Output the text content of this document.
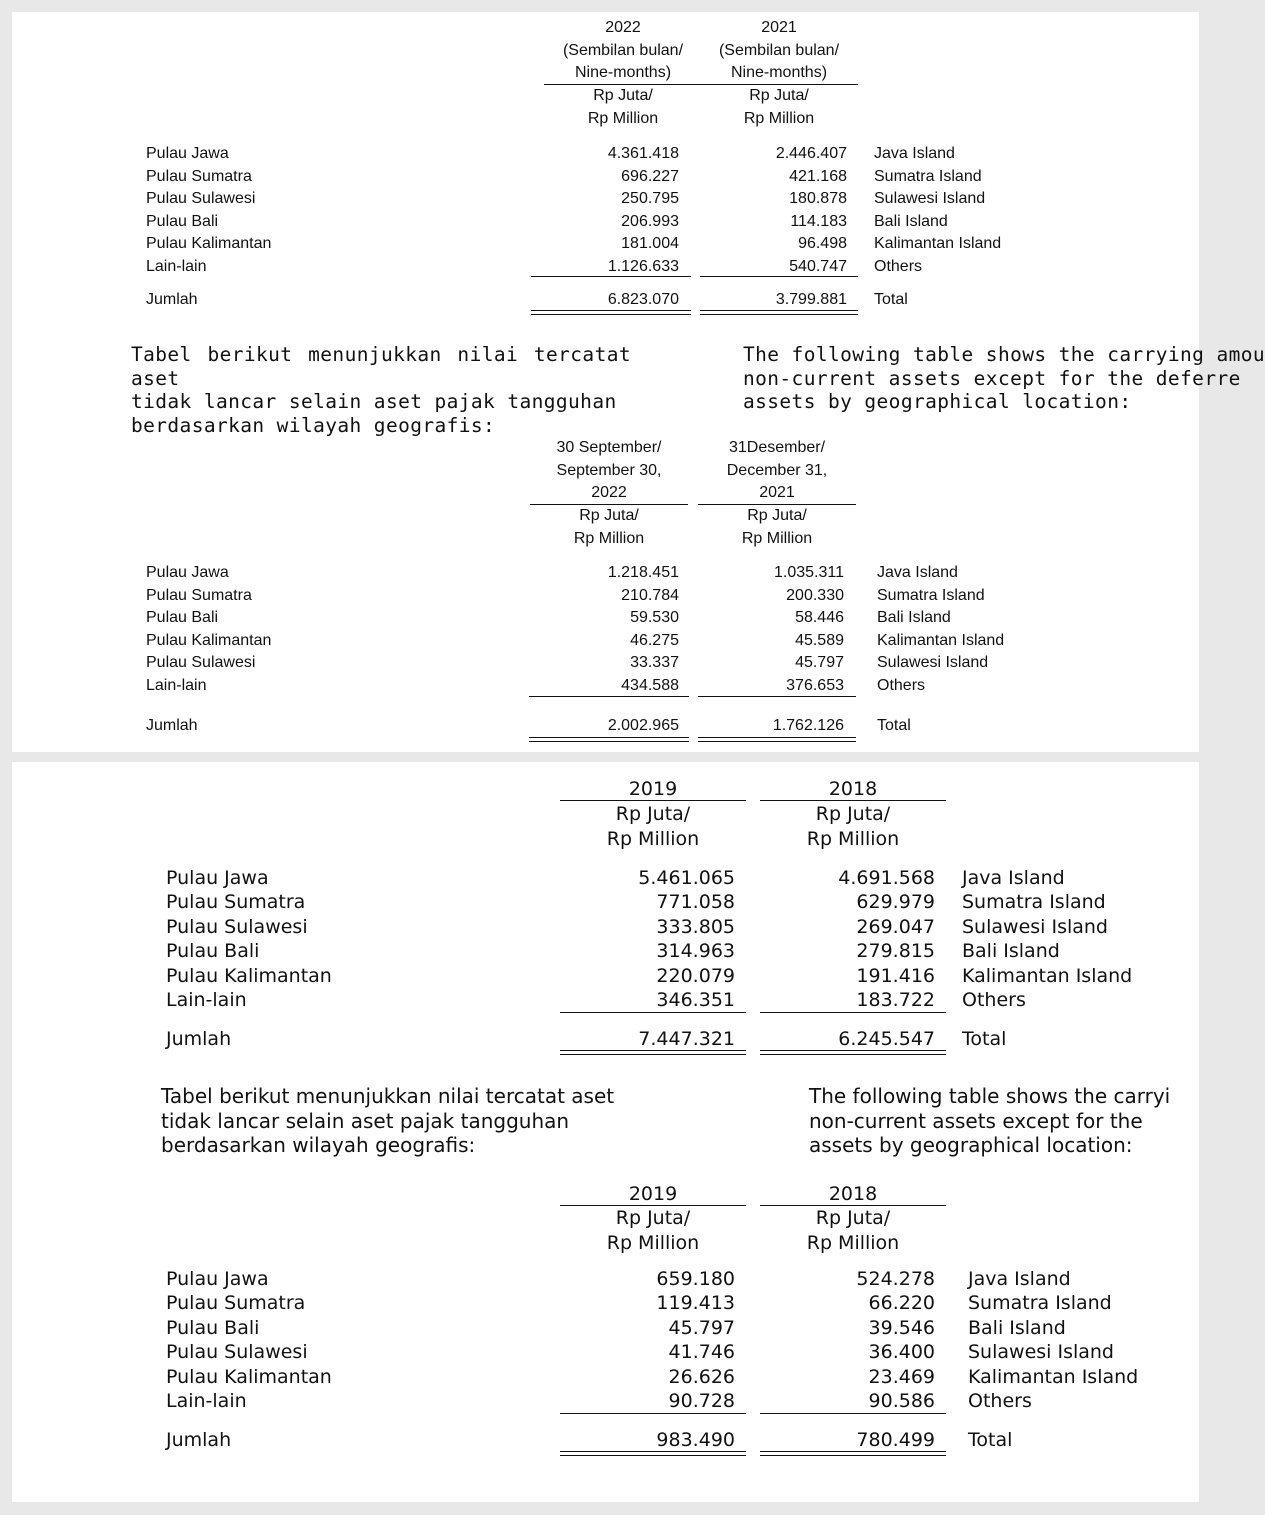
2022
(Sembilan bulan/
Nine-months)
Rp Juta/
Rp Million
2021
(Sembilan bulan/
Nine-months)
Rp Juta/
Rp Million
Pulau Jawa	4.361.418	2.446.407 Java Island
Pulau Sumatra	696.227	421.168 Sumatra Island
Pulau Sulawesi	250.795	180.878 Sulawesi Island
Pulau Bali	206.993	114.183 Bali Island
Pulau Kalimantan	181.004	96.498 Kalimantan Island
Lain-lain	1.126.633	540.747 Others
Jumlah	6.823.070	3.799.881 Total
Tabel berikut menunjukkan nilai tercatat aset
tidak lancar selain aset pajak tangguhan
berdasarkan wilayah geografis:
The following table shows the carrying amou
non-current assets except for the deferre
assets by geographical location:
30 September/
September 30,
2022
Rp Juta/
Rp Million
31Desember/
December 31,
2021
Rp Juta/
Rp Million
Pulau Jawa	1.218.451	1.035.311 Java Island
Pulau Sumatra	210.784	200.330 Sumatra Island
Pulau Bali	59.530	58.446 Bali Island
Pulau Kalimantan	46.275	45.589 Kalimantan Island
Pulau Sulawesi	33.337	45.797 Sulawesi Island
Lain-lain	434.588	376.653 Others
Jumlah	2.002.965	1.762.126 Total
2019
Rp Juta/
Rp Million
2018
Rp Juta/
Rp Million
Pulau Jawa	5.461.065	4.691.568 Java Island
Pulau Sumatra	771.058	629.979 Sumatra Island
Pulau Sulawesi	333.805	269.047 Sulawesi Island
Pulau Bali	314.963	279.815 Bali Island
Pulau Kalimantan	220.079	191.416 Kalimantan Island
Lain-lain	346.351	183.722 Others
Jumlah	7.447.321	6.245.547 Total
Tabel berikut menunjukkan nilai tercatat aset
tidak lancar selain aset pajak tangguhan
berdasarkan wilayah geografis:
The following table shows the carryi
non-current assets except for the
assets by geographical location:
2019
Rp Juta/
Rp Million
2018
Rp Juta/
Rp Million
Pulau Jawa	659.180	524.278 Java Island
Pulau Sumatra	119.413	66.220 Sumatra Island
Pulau Bali	45.797	39.546 Bali Island
Pulau Sulawesi	41.746	36.400 Sulawesi Island
Pulau Kalimantan	26.626	23.469 Kalimantan Island
Lain-lain	90.728	90.586 Others
Jumlah	983.490	780.499 Total
